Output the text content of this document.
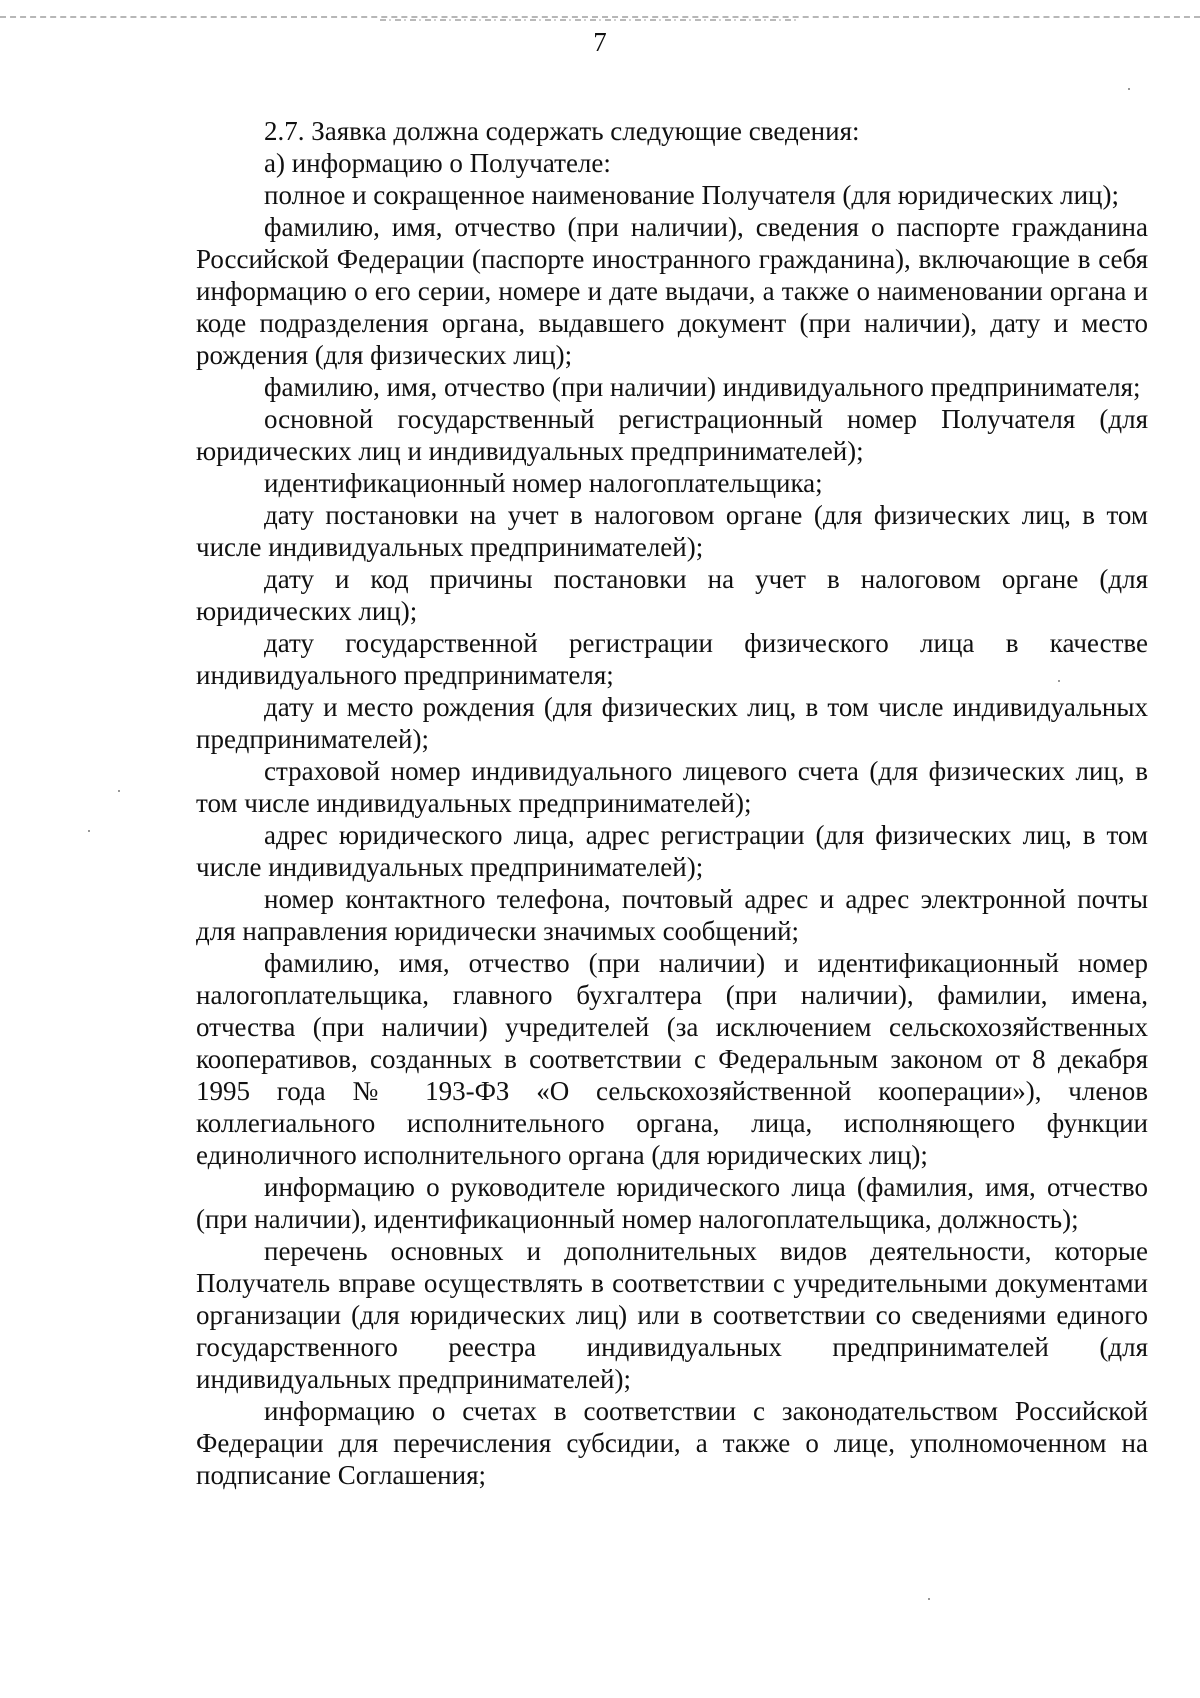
7

2.7. Заявка должна содержать следующие сведения:

а) информацию о Получателе:

полное и сокращенное наименование Получателя (для юридических лиц);

фамилию, имя, отчество (при наличии), сведения о паспорте гражданина Российской Федерации (паспорте иностранного гражданина), включающие в себя информацию о его серии, номере и дате выдачи, а также о наименовании органа и коде подразделения органа, выдавшего документ (при наличии), дату и место рождения (для физических лиц);

фамилию, имя, отчество (при наличии) индивидуального предпринимателя;

основной государственный регистрационный номер Получателя (для юридических лиц и индивидуальных предпринимателей);

идентификационный номер налогоплательщика;

дату постановки на учет в налоговом органе (для физических лиц, в том числе индивидуальных предпринимателей);

дату и код причины постановки на учет в налоговом органе (для юридических лиц);

дату государственной регистрации физического лица в качестве индивидуального предпринимателя;

дату и место рождения (для физических лиц, в том числе индивидуальных предпринимателей);

страховой номер индивидуального лицевого счета (для физических лиц, в том числе индивидуальных предпринимателей);

адрес юридического лица, адрес регистрации (для физических лиц, в том числе индивидуальных предпринимателей);

номер контактного телефона, почтовый адрес и адрес электронной почты для направления юридически значимых сообщений;

фамилию, имя, отчество (при наличии) и идентификационный номер налогоплательщика, главного бухгалтера (при наличии), фамилии, имена, отчества (при наличии) учредителей (за исключением сельскохозяйственных кооперативов, созданных в соответствии с Федеральным законом от 8 декабря 1995 года № 193-ФЗ «О сельскохозяйственной кооперации»), членов коллегиального исполнительного органа, лица, исполняющего функции единоличного исполнительного органа (для юридических лиц);

информацию о руководителе юридического лица (фамилия, имя, отчество (при наличии), идентификационный номер налогоплательщика, должность);

перечень основных и дополнительных видов деятельности, которые Получатель вправе осуществлять в соответствии с учредительными документами организации (для юридических лиц) или в соответствии со сведениями единого государственного реестра индивидуальных предпринимателей (для индивидуальных предпринимателей);

информацию о счетах в соответствии с законодательством Российской Федерации для перечисления субсидии, а также о лице, уполномоченном на подписание Соглашения;
